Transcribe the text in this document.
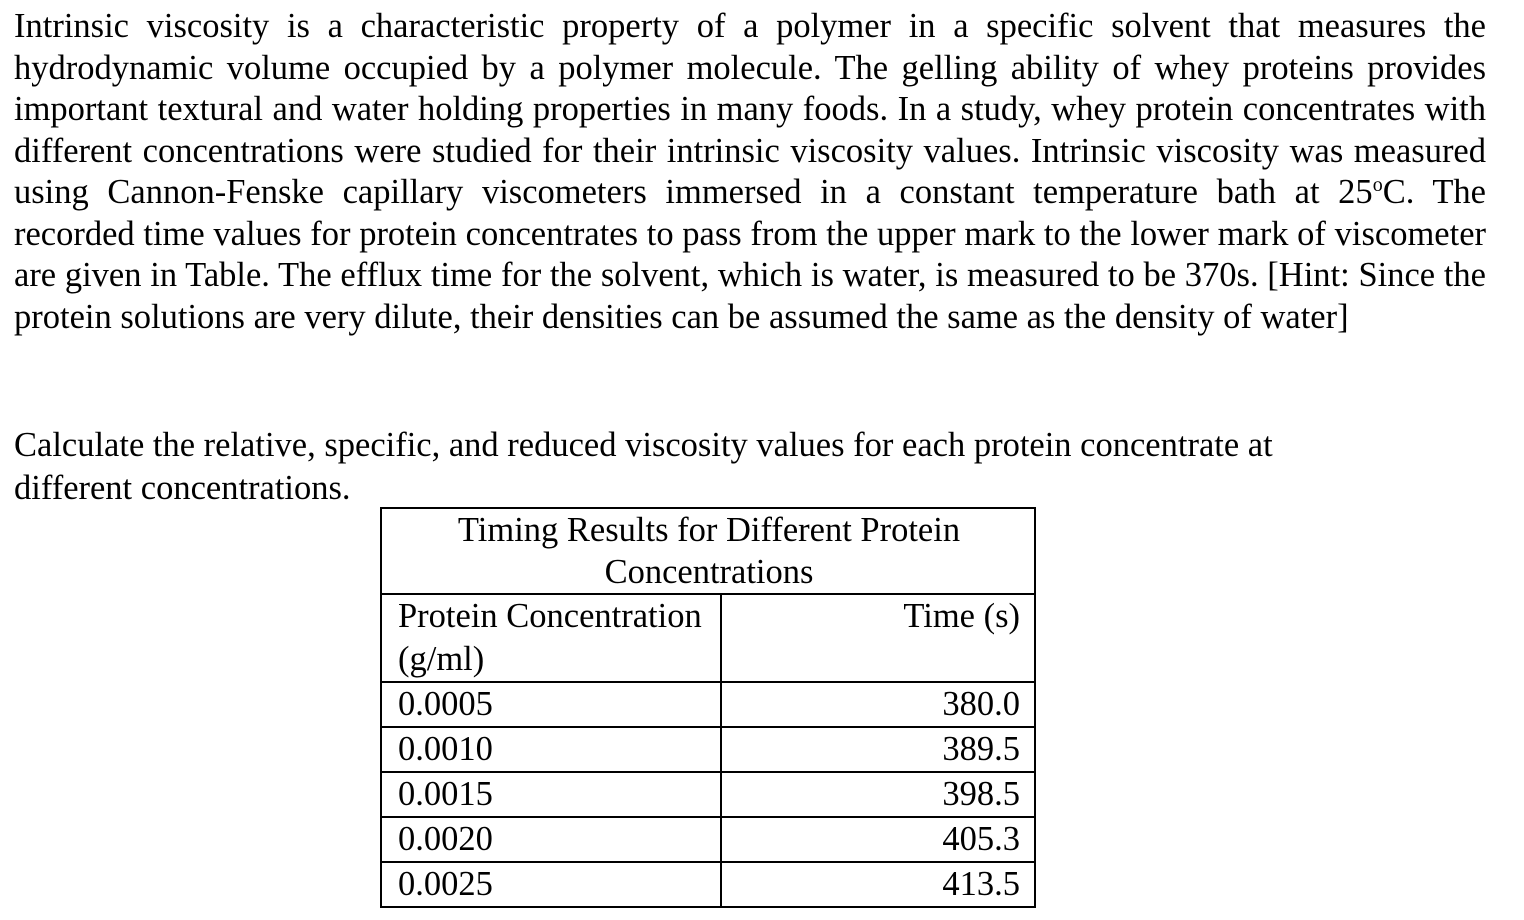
Intrinsic viscosity is a characteristic property of a polymer in a specific solvent that measures the hydrodynamic volume occupied by a polymer molecule. The gelling ability of whey proteins provides important textural and water holding properties in many foods. In a study, whey protein concentrates with different concentrations were studied for their intrinsic viscosity values. Intrinsic viscosity was measured using Cannon-Fenske capillary viscometers immersed in a constant temperature bath at 25$^o$C. The recorded time values for protein concentrates to pass from the upper mark to the lower mark of viscometer are given in Table. The efflux time for the solvent, which is water, is measured to be 370s. [Hint: Since the protein solutions are very dilute, their densities can be assumed the same as the density of water]
Calculate the relative, specific, and reduced viscosity values for each protein concentrate at different concentrations.
Timing Results for Different Protein Concentrations	
Protein Concentration (g/ml)	Time (s)
0.0005	380.0
0.0010	389.5
0.0015	398.5
0.0020	405.3
0.0025	413.5
